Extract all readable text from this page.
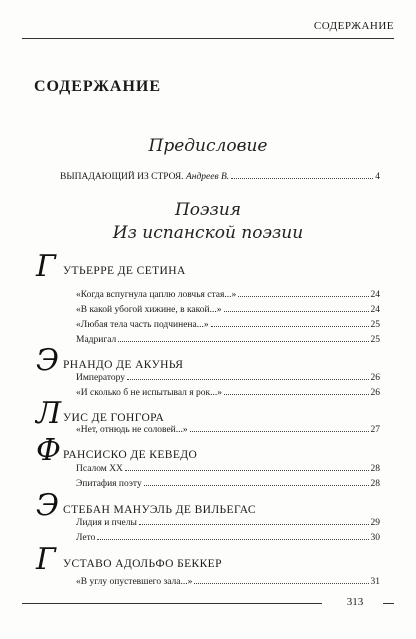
СОДЕРЖАНИЕ
СОДЕРЖАНИЕ
Предисловие
ВЫПАДАЮЩИЙ ИЗ СТРОЯ. Андреев В.	4
Поэзия
Из испанской поэзии
Г УТЬЕРРЕ ДЕ СЕТИНА
«Когда вспугнула цаплю ловчья стая...»	24
«В какой убогой хижине, в какой...»	24
«Любая тела часть подчинена...»	25
Мадригал	25
Э РНАНДО ДЕ АКУНЬЯ
Императору	26
«И сколько б не испытывал я рок...»	26
Л УИС ДЕ ГОНГОРА
«Нет, отнюдь не соловей...»	27
Ф РАНСИСКО ДЕ КЕВЕДО
Псалом XX	28
Эпитафия поэту	28
Э СТЕБАН МАНУЭЛЬ ДЕ ВИЛЬЕГАС
Лидия и пчелы	29
Лето	30
Г УСТАВО АДОЛЬФО БЕККЕР
«В углу опустевшего зала...»	31
313
